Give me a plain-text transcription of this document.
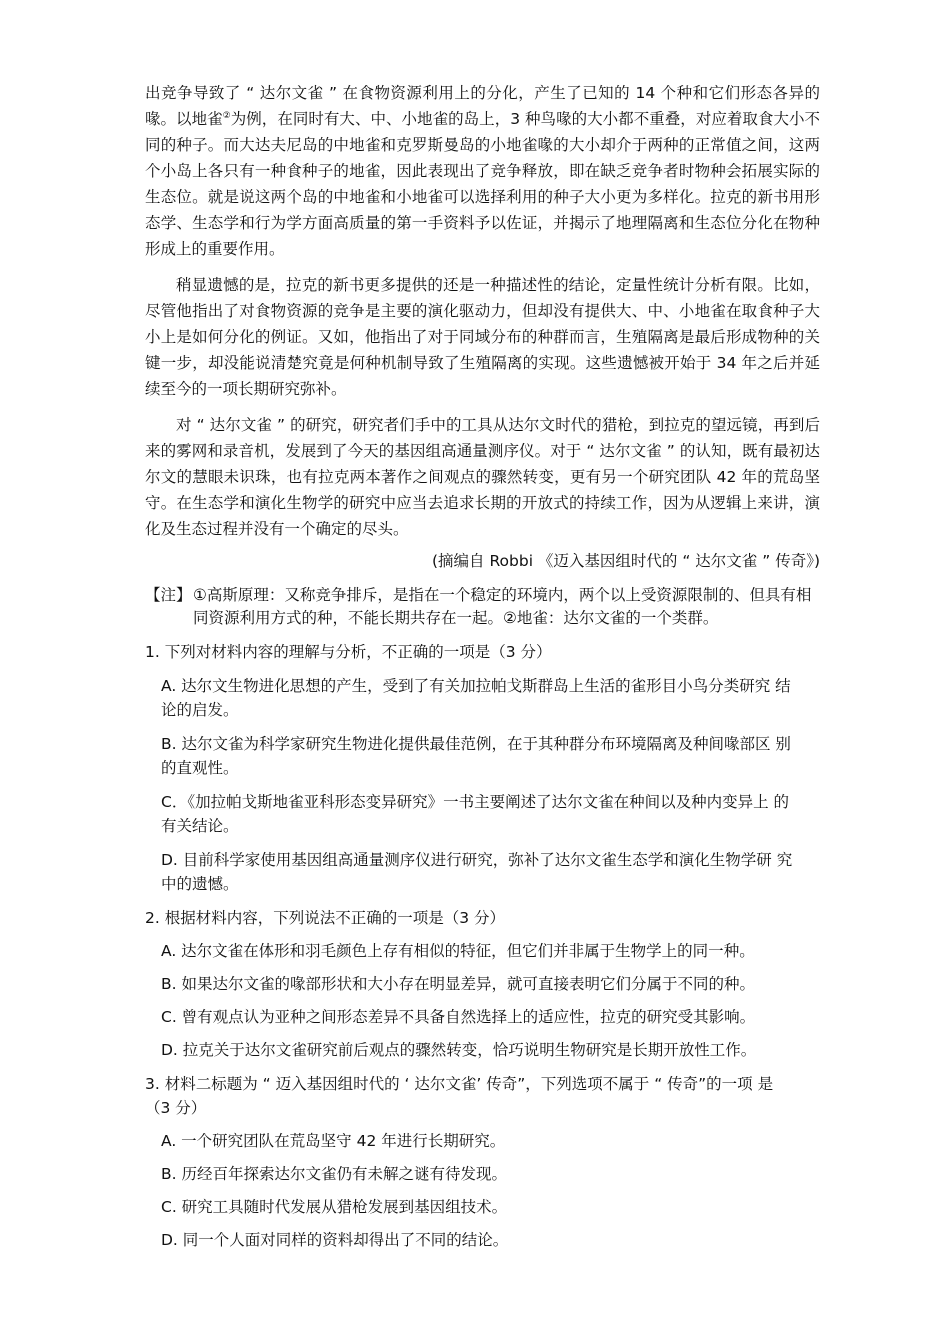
出竞争导致了 “ 达尔文雀 ” 在食物资源利用上的分化，产生了已知的 14 个种和它们形态各异的喙。以地雀②为例，在同时有大、中、小地雀的岛上，3 种鸟喙的大小都不重叠，对应着取食大小不同的种子。而大达夫尼岛的中地雀和克罗斯曼岛的小地雀喙的大小却介于两种的正常值之间，这两个小岛上各只有一种食种子的地雀，因此表现出了竞争释放，即在缺乏竞争者时物种会拓展实际的生态位。就是说这两个岛的中地雀和小地雀可以选择利用的种子大小更为多样化。拉克的新书用形态学、生态学和行为学方面高质量的第一手资料予以佐证，并揭示了地理隔离和生态位分化在物种形成上的重要作用。

稍显遗憾的是，拉克的新书更多提供的还是一种描述性的结论，定量性统计分析有限。比如，尽管他指出了对食物资源的竞争是主要的演化驱动力，但却没有提供大、中、小地雀在取食种子大小上是如何分化的例证。又如，他指出了对于同域分布的种群而言，生殖隔离是最后形成物种的关键一步，却没能说清楚究竟是何种机制导致了生殖隔离的实现。这些遗憾被开始于 34 年之后并延续至今的一项长期研究弥补。

对 “ 达尔文雀 ” 的研究，研究者们手中的工具从达尔文时代的猎枪，到拉克的望远镜，再到后来的雾网和录音机，发展到了今天的基因组高通量测序仪。对于 “ 达尔文雀 ” 的认知，既有最初达尔文的慧眼未识珠，也有拉克两本著作之间观点的骤然转变，更有另一个研究团队 42 年的荒岛坚守。在生态学和演化生物学的研究中应当去追求长期的开放式的持续工作，因为从逻辑上来讲，演化及生态过程并没有一个确定的尽头。

(摘编自 Robbi 《迈入基因组时代的 “ 达尔文雀 ” 传奇》)
【注】 ①高斯原理：又称竞争排斥，是指在一个稳定的环境内，两个以上受资源限制的、但具有相同资源利用方式的种，不能长期共存在一起。②地雀：达尔文雀的一个类群。
1. 下列对材料内容的理解与分析，不正确的一项是（3 分）
A. 达尔文生物进化思想的产生，受到了有关加拉帕戈斯群岛上生活的雀形目小鸟分类研究 结论的启发。
B. 达尔文雀为科学家研究生物进化提供最佳范例，在于其种群分布环境隔离及种间喙部区 别的直观性。
C．《加拉帕戈斯地雀亚科形态变异研究》一书主要阐述了达尔文雀在种间以及种内变异上 的有关结论。
D. 目前科学家使用基因组高通量测序仪进行研究，弥补了达尔文雀生态学和演化生物学研 究中的遗憾。
2. 根据材料内容，下列说法不正确的一项是（3 分）
A. 达尔文雀在体形和羽毛颜色上存有相似的特征，但它们并非属于生物学上的同一种。
B. 如果达尔文雀的喙部形状和大小存在明显差异，就可直接表明它们分属于不同的种。
C. 曾有观点认为亚种之间形态差异不具备自然选择上的适应性，拉克的研究受其影响。
D. 拉克关于达尔文雀研究前后观点的骤然转变，恰巧说明生物研究是长期开放性工作。
3. 材料二标题为 “ 迈入基因组时代的 ‘ 达尔文雀’ 传奇”，下列选项不属于 “ 传奇”的一项 是（3 分）
A. 一个研究团队在荒岛坚守 42 年进行长期研究。
B. 历经百年探索达尔文雀仍有未解之谜有待发现。
C. 研究工具随时代发展从猎枪发展到基因组技术。
D. 同一个人面对同样的资料却得出了不同的结论。
